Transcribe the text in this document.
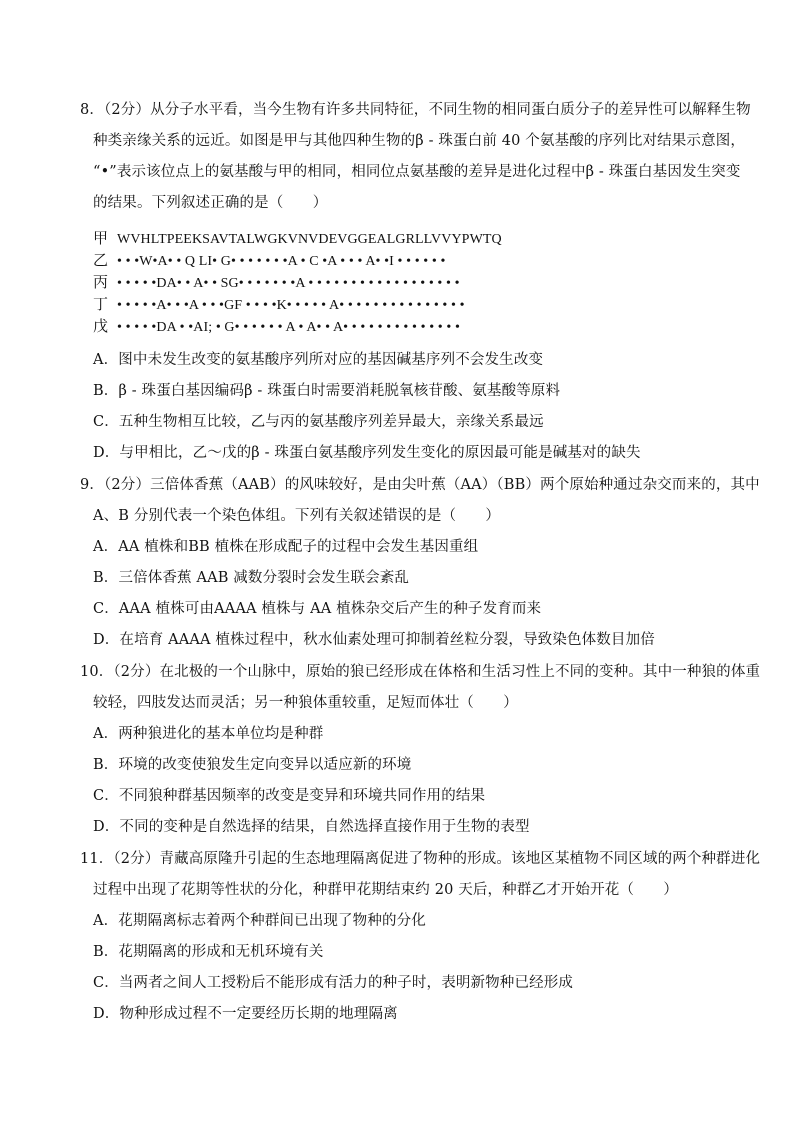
8．（2分）从分子水平看，当今生物有许多共同特征，不同生物的相同蛋白质分子的差异性可以解释生物
种类亲缘关系的远近。如图是甲与其他四种生物的β - 珠蛋白前 40 个氨基酸的序列比对结果示意图，
“•”表示该位点上的氨基酸与甲的相同，相同位点氨基酸的差异是进化过程中β - 珠蛋白基因发生突变
的结果。下列叙述正确的是（　　）
甲 WVHLTPEEKSAVTALWGKVNVDEVGGEALGRLLVVYPWTQ
乙 • • •W•A• • Q LI• G• • • • • • •A • C •A • • • A• •I • • • • • •
丙 • • • • •DA• • A• • SG• • • • • • •A • • • • • • • • • • • • • • • • • •
丁 • • • • •A• • •A • • •GF • • • •K• • • • • A• • • • • • • • • • • • • • •
戊 • • • • •DA • •AI; • G• • • • • • A • A• • A• • • • • • • • • • • • • •
A．图中未发生改变的氨基酸序列所对应的基因碱基序列不会发生改变
B．β - 珠蛋白基因编码β - 珠蛋白时需要消耗脱氧核苷酸、氨基酸等原料
C．五种生物相互比较，乙与丙的氨基酸序列差异最大，亲缘关系最远
D．与甲相比，乙～戊的β - 珠蛋白氨基酸序列发生变化的原因最可能是碱基对的缺失
9．（2分）三倍体香蕉（AAB）的风味较好，是由尖叶蕉（AA）（BB）两个原始种通过杂交而来的，其中
A、B 分别代表一个染色体组。下列有关叙述错误的是（　　）
A．AA 植株和BB 植株在形成配子的过程中会发生基因重组
B．三倍体香蕉 AAB 减数分裂时会发生联会紊乱
C．AAA 植株可由AAAA 植株与 AA 植株杂交后产生的种子发育而来
D．在培育 AAAA 植株过程中，秋水仙素处理可抑制着丝粒分裂，导致染色体数目加倍
10．（2分）在北极的一个山脉中，原始的狼已经形成在体格和生活习性上不同的变种。其中一种狼的体重
较轻，四肢发达而灵活；另一种狼体重较重，足短而体壮（　　）
A．两种狼进化的基本单位均是种群
B．环境的改变使狼发生定向变异以适应新的环境
C．不同狼种群基因频率的改变是变异和环境共同作用的结果
D．不同的变种是自然选择的结果，自然选择直接作用于生物的表型
11．（2分）青藏高原隆升引起的生态地理隔离促进了物种的形成。该地区某植物不同区域的两个种群进化
过程中出现了花期等性状的分化，种群甲花期结束约 20 天后，种群乙才开始开花（　　）
A．花期隔离标志着两个种群间已出现了物种的分化
B．花期隔离的形成和无机环境有关
C．当两者之间人工授粉后不能形成有活力的种子时，表明新物种已经形成
D．物种形成过程不一定要经历长期的地理隔离
